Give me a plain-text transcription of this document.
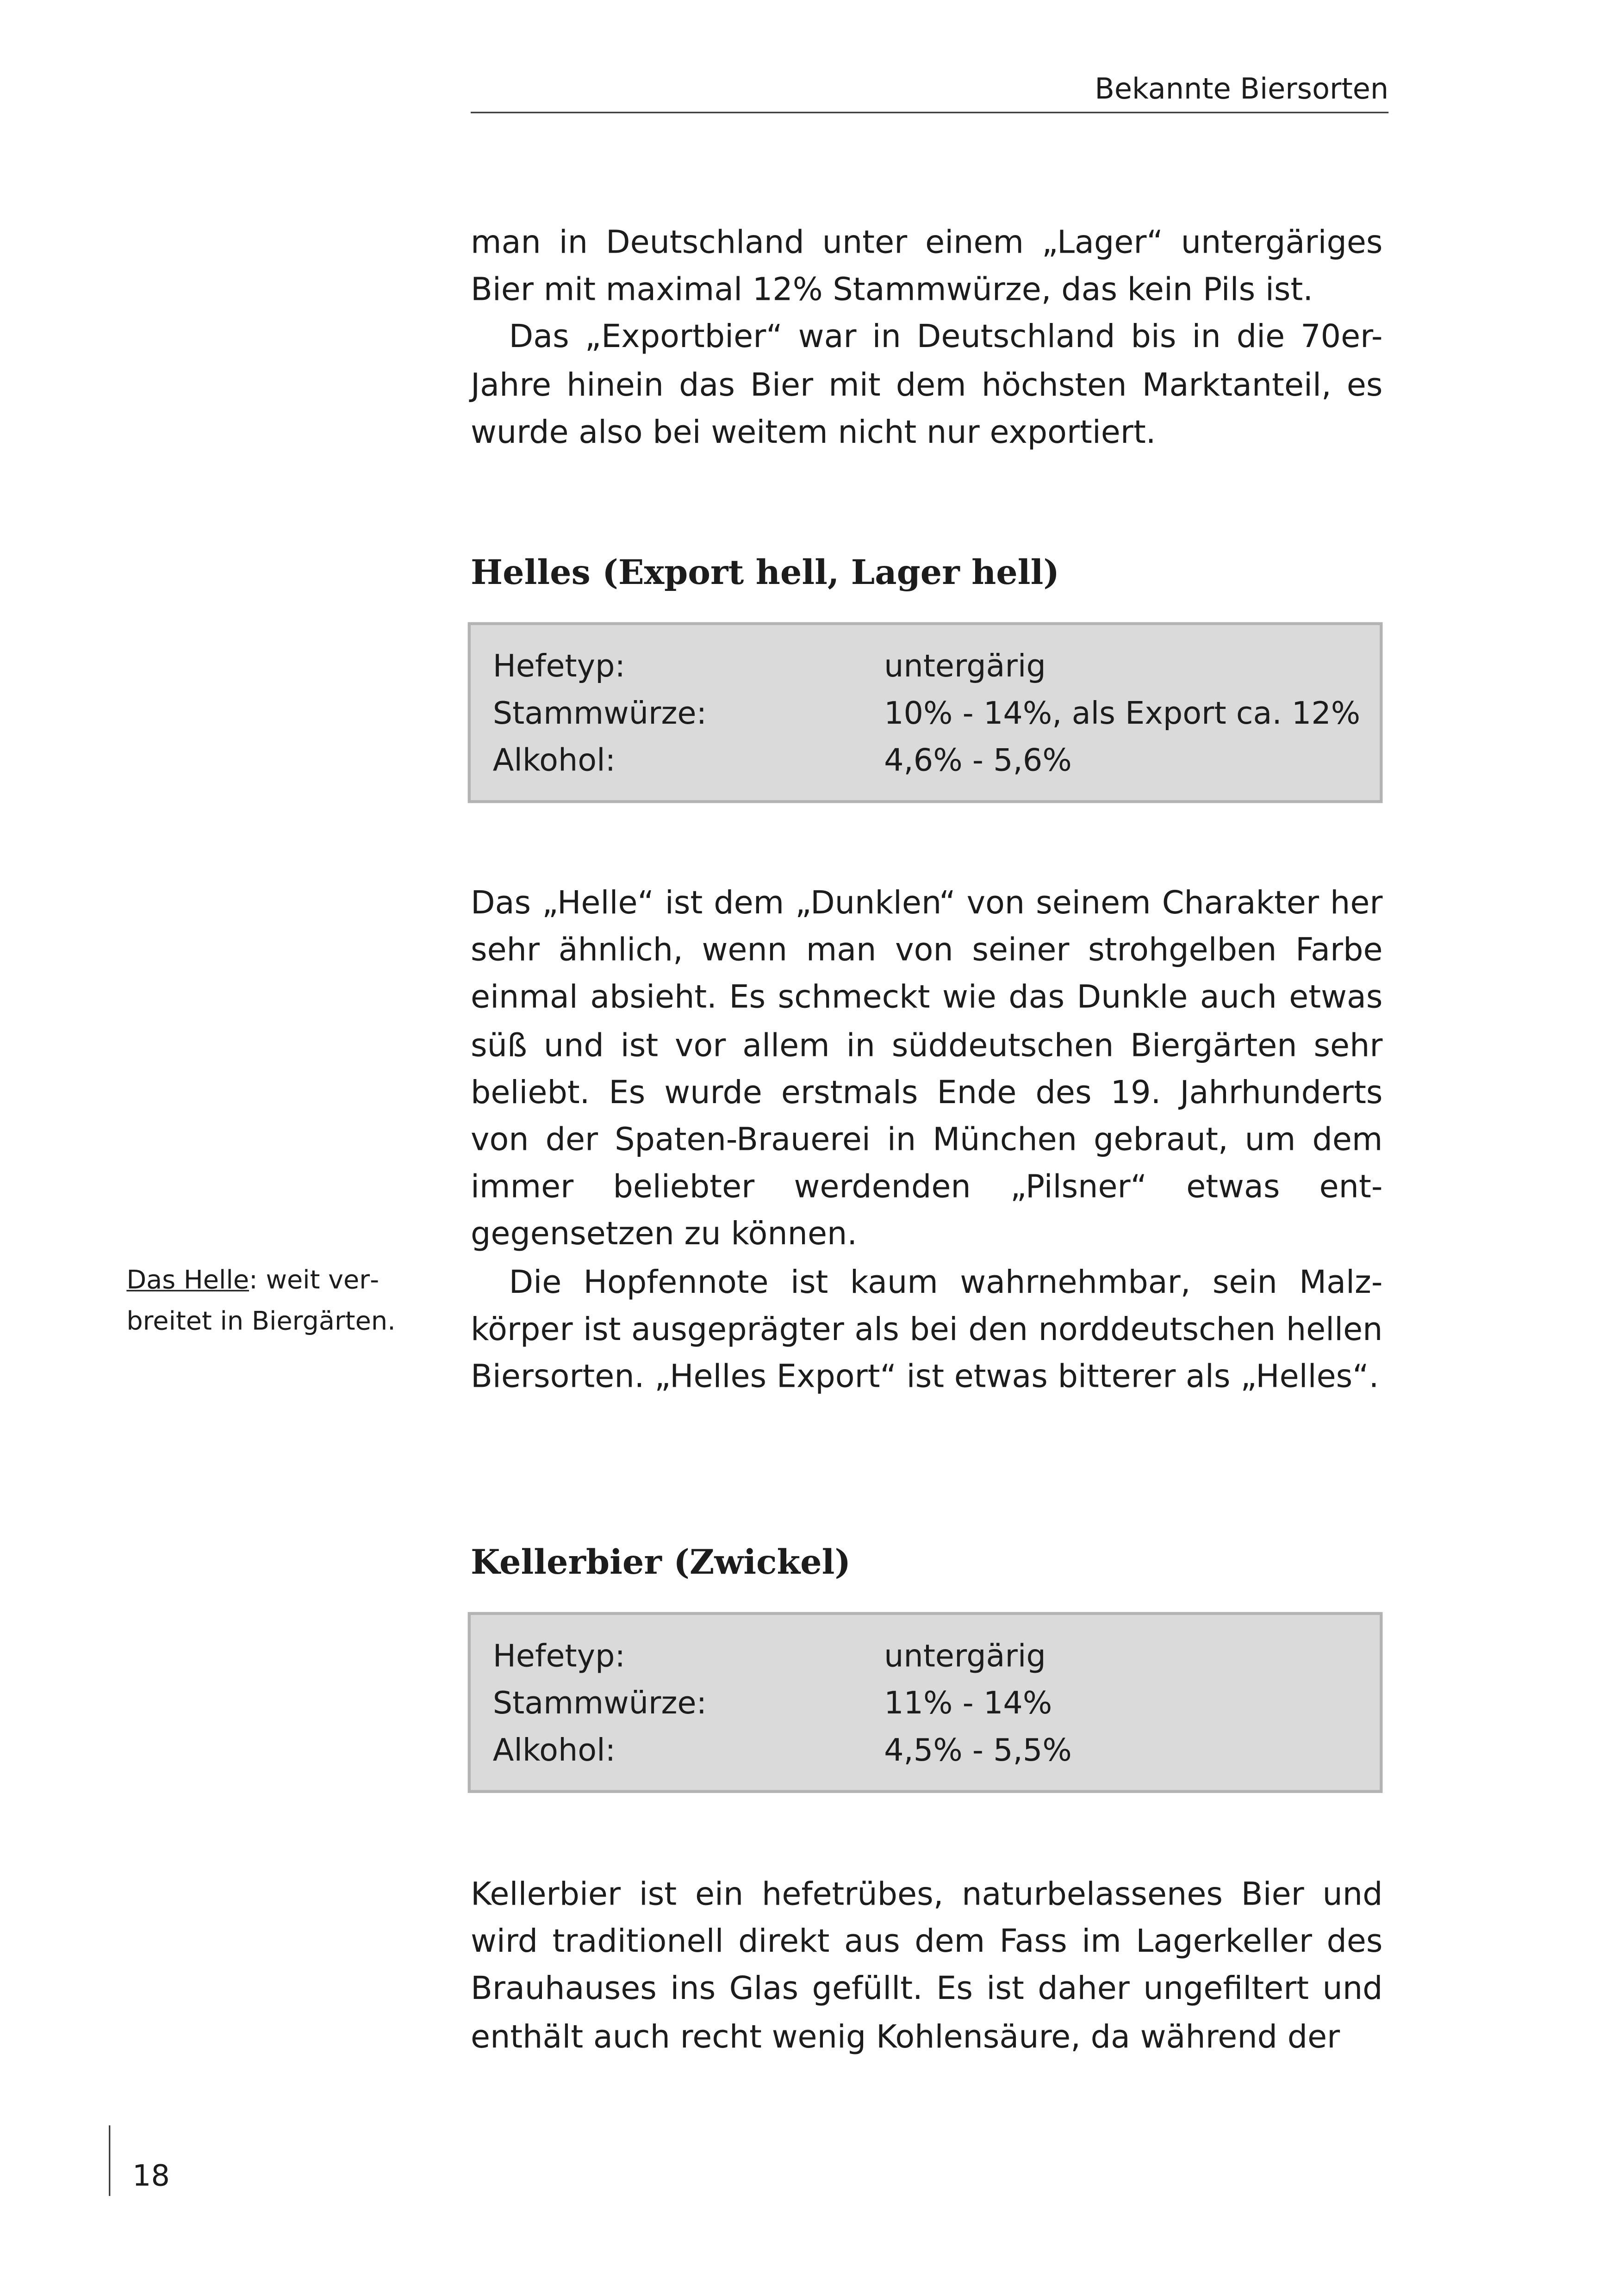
Bekannte Biersorten

man in Deutschland unter einem „Lager“ untergäriges Bier mit maximal 12% Stammwürze, das kein Pils ist.

Das „Exportbier“ war in Deutschland bis in die 70er-Jahre hinein das Bier mit dem höchsten Marktanteil, es wurde also bei weitem nicht nur exportiert.

Helles (Export hell, Lager hell)
Hefetyp:	untergärig
Stammwürze:	10% - 14%, als Export ca. 12%
Alkohol:	4,6% - 5,6%

Das „Helle“ ist dem „Dunklen“ von seinem Charakter her sehr ähnlich, wenn man von seiner strohgelben Farbe einmal absieht. Es schmeckt wie das Dunkle auch etwas süß und ist vor allem in süddeutschen Biergärten sehr beliebt. Es wurde erstmals Ende des 19. Jahrhunderts von der Spaten-Brauerei in München gebraut, um dem immer beliebter werdenden „Pilsner“ etwas entgegensetzen zu können.

Die Hopfennote ist kaum wahrnehmbar, sein Malzkörper ist ausgeprägter als bei den norddeutschen hellen Biersorten. „Helles Export“ ist etwas bitterer als „Helles“.

Das Helle: weit verbreitet in Biergärten.
Kellerbier (Zwickel)
Hefetyp:	untergärig
Stammwürze:	11% - 14%
Alkohol:	4,5% - 5,5%

Kellerbier ist ein hefetrübes, naturbelassenes Bier und wird traditionell direkt aus dem Fass im Lagerkeller des Brauhauses ins Glas gefüllt. Es ist daher ungefiltert und enthält auch recht wenig Kohlensäure, da während der

18
